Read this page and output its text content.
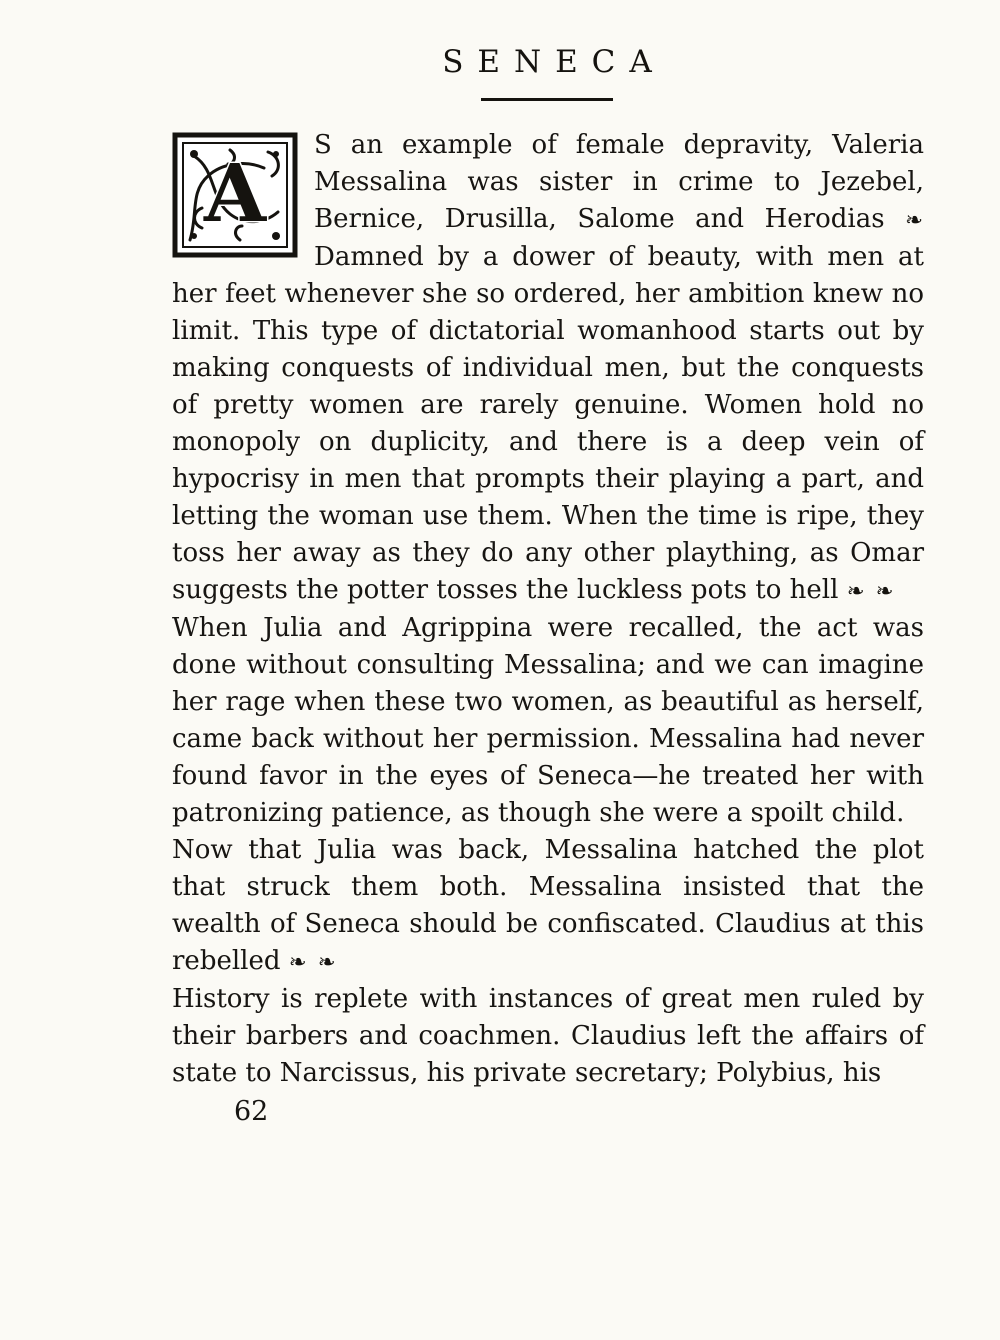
SENECA
A

S an example of female depravity, Valeria Messalina was sister in crime to Jezebel, Bernice, Drusilla, Salome and Herodias ❧ Damned by a dower of beauty, with men at her feet whenever she so ordered, her ambition knew no limit. This type of dictatorial womanhood starts out by making conquests of individual men, but the conquests of pretty women are rarely genuine. Women hold no monopoly on duplicity, and there is a deep vein of hypocrisy in men that prompts their playing a part, and letting the woman use them. When the time is ripe, they toss her away as they do any other plaything, as Omar suggests the potter tosses the luckless pots to hell ❧ ❧

When Julia and Agrippina were recalled, the act was done without consulting Messalina; and we can imagine her rage when these two women, as beautiful as herself, came back without her permission. Messalina had never found favor in the eyes of Seneca—he treated her with patronizing patience, as though she were a spoilt child.

Now that Julia was back, Messalina hatched the plot that struck them both. Messalina insisted that the wealth of Seneca should be confiscated. Claudius at this rebelled ❧ ❧

History is replete with instances of great men ruled by their barbers and coachmen. Claudius left the affairs of state to Narcissus, his private secretary; Polybius, his

62
